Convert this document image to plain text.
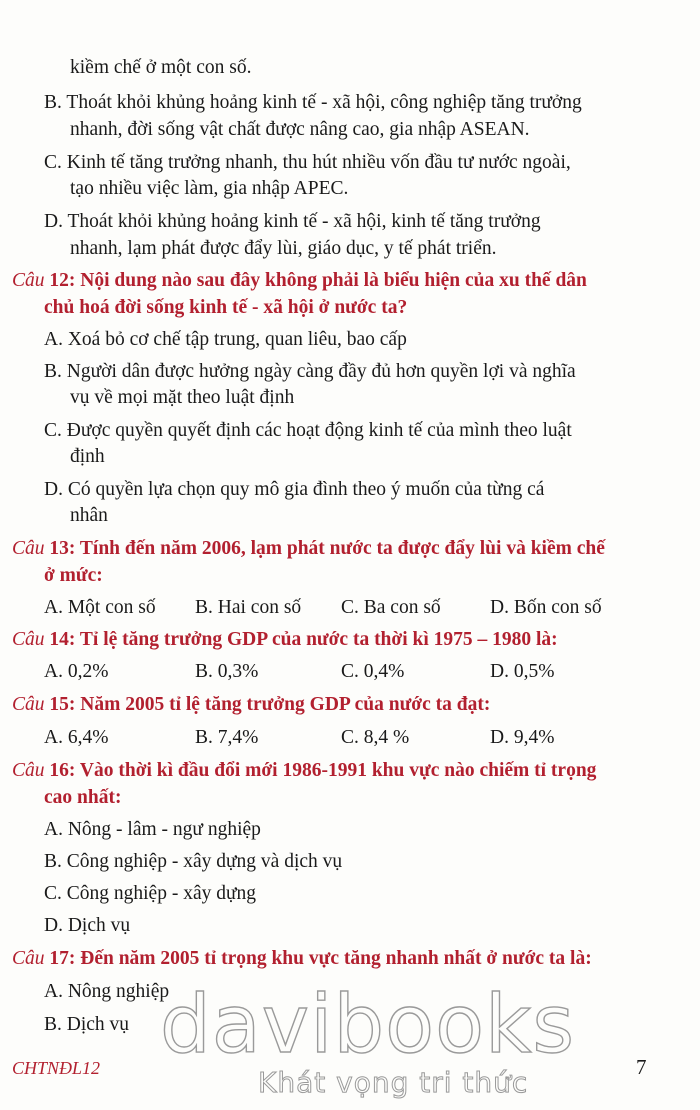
kiềm chế ở một con số.
B. Thoát khỏi khủng hoảng kinh tế - xã hội, công nghiệp tăng trưởng
nhanh, đời sống vật chất được nâng cao, gia nhập ASEAN.
C. Kinh tế tăng trưởng nhanh, thu hút nhiều vốn đầu tư nước ngoài,
tạo nhiều việc làm, gia nhập APEC.
D. Thoát khỏi khủng hoảng kinh tế - xã hội, kinh tế tăng trưởng
nhanh, lạm phát được đẩy lùi, giáo dục, y tế phát triển.
Câu 12: Nội dung nào sau đây không phải là biểu hiện của xu thế dân
chủ hoá đời sống kinh tế - xã hội ở nước ta?
A. Xoá bỏ cơ chế tập trung, quan liêu, bao cấp
B. Người dân được hưởng ngày càng đầy đủ hơn quyền lợi và nghĩa
vụ về mọi mặt theo luật định
C. Được quyền quyết định các hoạt động kinh tế của mình theo luật
định
D. Có quyền lựa chọn quy mô gia đình theo ý muốn của từng cá
nhân
Câu 13: Tính đến năm 2006, lạm phát nước ta được đẩy lùi và kiềm chế
ở mức:
A. Một con số B. Hai con số C. Ba con số	D. Bốn con số
Câu 14: Tỉ lệ tăng trưởng GDP của nước ta thời kì 1975 – 1980 là:
A. 0,2%	B. 0,3%	C. 0,4%	D. 0,5%
Câu 15: Năm 2005 tỉ lệ tăng trưởng GDP của nước ta đạt:
A. 6,4%	B. 7,4%	C. 8,4 %	D. 9,4%
Câu 16: Vào thời kì đầu đổi mới 1986-1991 khu vực nào chiếm tỉ trọng
cao nhất:
A. Nông - lâm - ngư nghiệp
B. Công nghiệp - xây dựng và dịch vụ
C. Công nghiệp - xây dựng
D. Dịch vụ
Câu 17: Đến năm 2005 tỉ trọng khu vực tăng nhanh nhất ở nước ta là:
A. Nông nghiệp
B. Dịch vụ davibooks
Khát vọng tri thức
CHTNĐL12	7
